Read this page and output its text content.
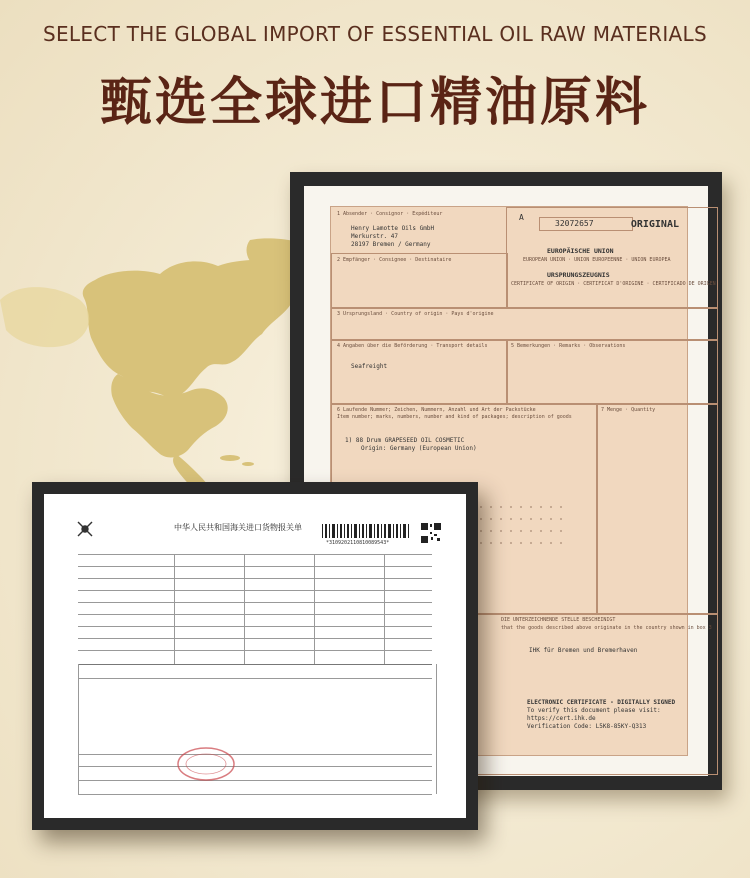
SELECT THE GLOBAL IMPORT OF ESSENTIAL OIL RAW MATERIALS
甄选全球进口精油原料
1 Absender · Consignor · Expéditeur
Henry Lamotte Oils GmbH
Merkurstr. 47
28197 Bremen / Germany
A
32072657	ORIGINAL
EUROPÄISCHE UNION
EUROPEAN UNION · UNION EUROPEENNE · UNION EUROPEA
URSPRUNGSZEUGNIS
CERTIFICATE OF ORIGIN · CERTIFICAT D'ORIGINE · CERTIFICADO DE ORIGEN
2 Empfänger · Consignee · Destinataire
3 Ursprungsland · Country of origin · Pays d'origine
4 Angaben über die Beförderung · Transport details
Seafreight
5 Bemerkungen · Remarks · Observations
6 Laufende Nummer; Zeichen, Nummern, Anzahl und Art der Packstücke
Item number; marks, numbers, number and kind of packages; description of goods
1) 88 Drum GRAPESEED OIL COSMETIC
Origin: Germany (European Union)
7 Menge · Quantity
DIE UNTERZEICHNENDE STELLE BESCHEINIGT
that the goods described above originate in the country shown in box 3
IHK für Bremen und Bremerhaven
ELECTRONIC CERTIFICATE - DIGITALLY SIGNED
To verify this document please visit:
https://cert.ihk.de
Verification Code: L5K8-85KY-Q313
中华人民共和国海关进口货物报关单
*3109202110810089543*
